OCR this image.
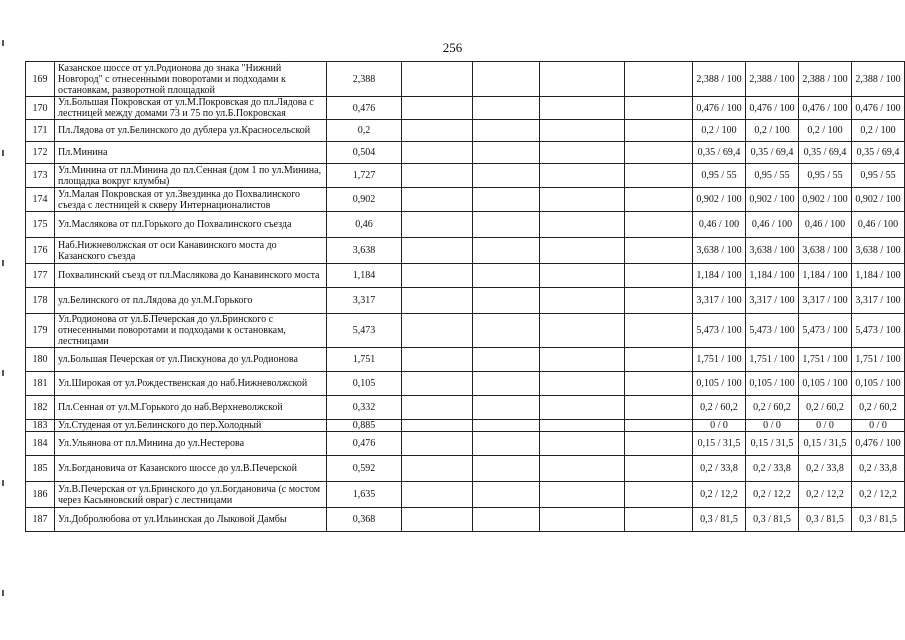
256
169	Казанское шоссе от ул.Родионова до знака "Нижний Новгород" с отнесенными поворотами и подходами к остановкам, разворотной площадкой	2,388					2,388 / 100	2,388 / 100	2,388 / 100	2,388 / 100	
170	Ул.Большая Покровская от ул.М.Покровская до пл.Лядова с лестницей между домами 73 и 75 по ул.Б.Покровская	0,476					0,476 / 100	0,476 / 100	0,476 / 100	0,476 / 100	
171	Пл.Лядова от ул.Белинского до дублера ул.Красносельской	0,2					0,2 / 100	0,2 / 100	0,2 / 100	0,2 / 100	
172	Пл.Минина	0,504					0,35 / 69,4	0,35 / 69,4	0,35 / 69,4	0,35 / 69,4	
173	Ул.Минина от пл.Минина до пл.Сенная (дом 1 по ул.Минина, площадка вокруг клумбы)	1,727					0,95 / 55	0,95 / 55	0,95 / 55	0,95 / 55	
174	Ул.Малая Покровская от ул.Звездинка до Похвалинского съезда с лестницей к скверу Интернационалистов	0,902					0,902 / 100	0,902 / 100	0,902 / 100	0,902 / 100	
175	Ул.Маслякова от пл.Горького до Похвалинского съезда	0,46					0,46 / 100	0,46 / 100	0,46 / 100	0,46 / 100	
176	Наб.Нижневолжская от оси Канавинского моста до Казанского съезда	3,638					3,638 / 100	3,638 / 100	3,638 / 100	3,638 / 100	
177	Похвалинский съезд от пл.Маслякова до Канавинского моста	1,184					1,184 / 100	1,184 / 100	1,184 / 100	1,184 / 100	
178	ул.Белинского от пл.Лядова до ул.М.Горького	3,317					3,317 / 100	3,317 / 100	3,317 / 100	3,317 / 100	
179	Ул.Родионова от ул.Б.Печерская до ул.Бринского с отнесенными поворотами и подходами к остановкам, лестницами	5,473					5,473 / 100	5,473 / 100	5,473 / 100	5,473 / 100	
180	ул.Большая Печерская от ул.Пискунова до ул.Родионова	1,751					1,751 / 100	1,751 / 100	1,751 / 100	1,751 / 100	
181	Ул.Широкая от ул.Рождественская до наб.Нижневолжской	0,105					0,105 / 100	0,105 / 100	0,105 / 100	0,105 / 100	
182	Пл.Сенная от ул.М.Горького до наб.Верхневолжской	0,332					0,2 / 60,2	0,2 / 60,2	0,2 / 60,2	0,2 / 60,2	
183	Ул.Студеная от ул.Белинского до пер.Холодный	0,885					0 / 0	0 / 0	0 / 0	0 / 0	
184	Ул.Ульянова от пл.Минина до ул.Нестерова	0,476					0,15 / 31,5	0,15 / 31,5	0,15 / 31,5	0,476 / 100	
185	Ул.Богдановича от Казанского шоссе до ул.В.Печерской	0,592					0,2 / 33,8	0,2 / 33,8	0,2 / 33,8	0,2 / 33,8	
186	Ул.В.Печерская от ул.Бринского до ул.Богдановича (с мостом через Касьяновский овраг) с лестницами	1,635					0,2 / 12,2	0,2 / 12,2	0,2 / 12,2	0,2 / 12,2	
187	Ул.Добролюбова от ул.Ильинская до Лыковой Дамбы	0,368					0,3 / 81,5	0,3 / 81,5	0,3 / 81,5	0,3 / 81,5	
